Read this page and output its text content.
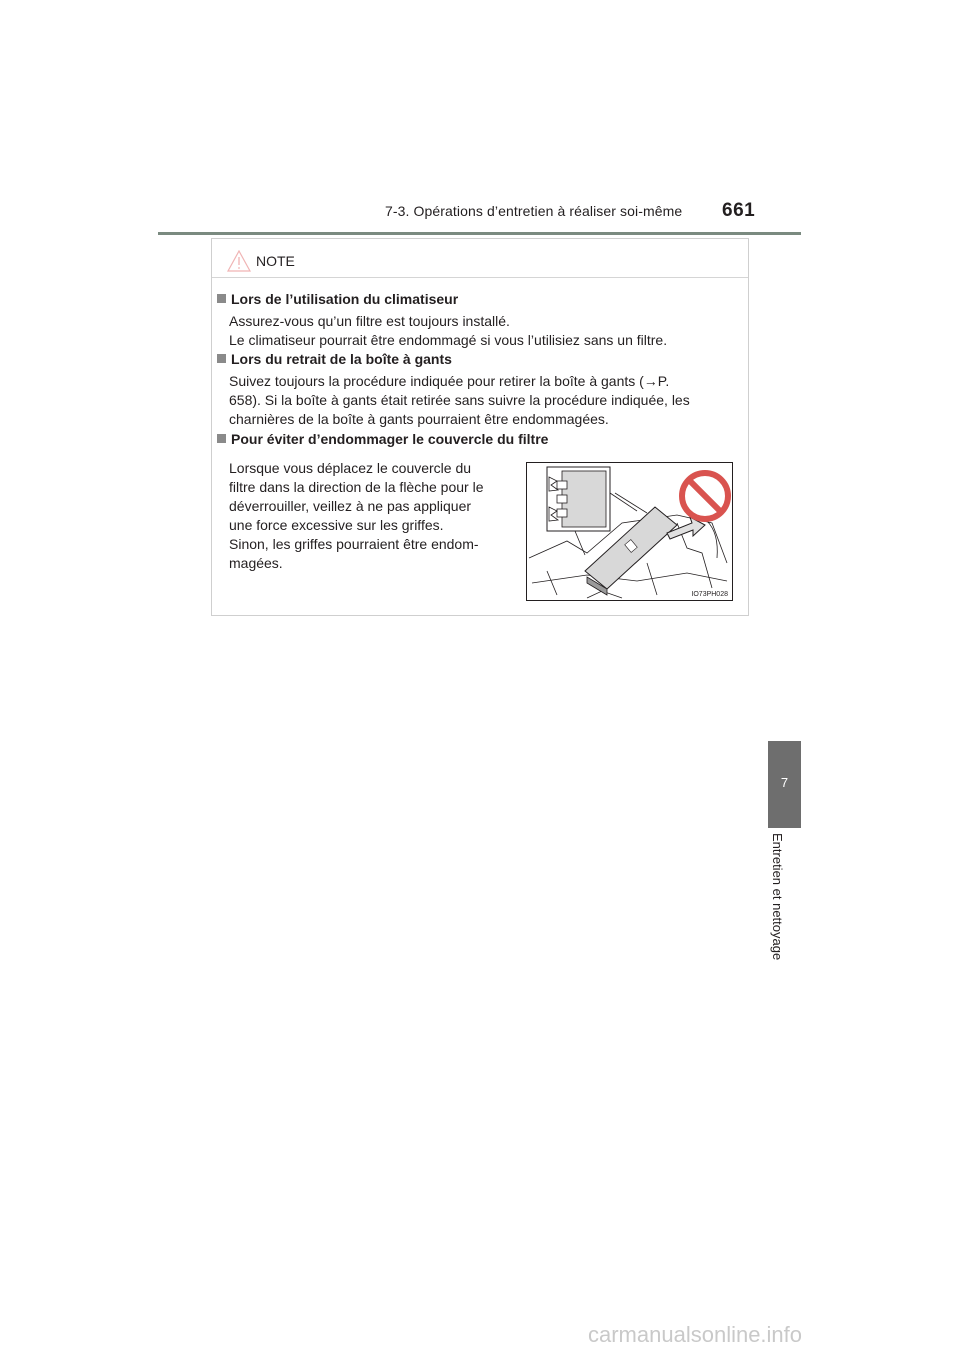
7-3. Opérations d’entretien à réaliser soi-même 661
NOTE
Lors de l’utilisation du climatiseur
Assurez-vous qu’un filtre est toujours installé.
Le climatiseur pourrait être endommagé si vous l’utilisiez sans un filtre.
Lors du retrait de la boîte à gants
Suivez toujours la procédure indiquée pour retirer la boîte à gants (→P.
658). Si la boîte à gants était retirée sans suivre la procédure indiquée, les
charnières de la boîte à gants pourraient être endommagées.
Pour éviter d’endommager le couvercle du filtre
Lorsque vous déplacez le couvercle du
filtre dans la direction de la flèche pour le
déverrouiller, veillez à ne pas appliquer
une force excessive sur les griffes.
Sinon, les griffes pourraient être endom-
magées.
IO73PH028
7
Entretien et nettoyage
carmanualsonline.info
